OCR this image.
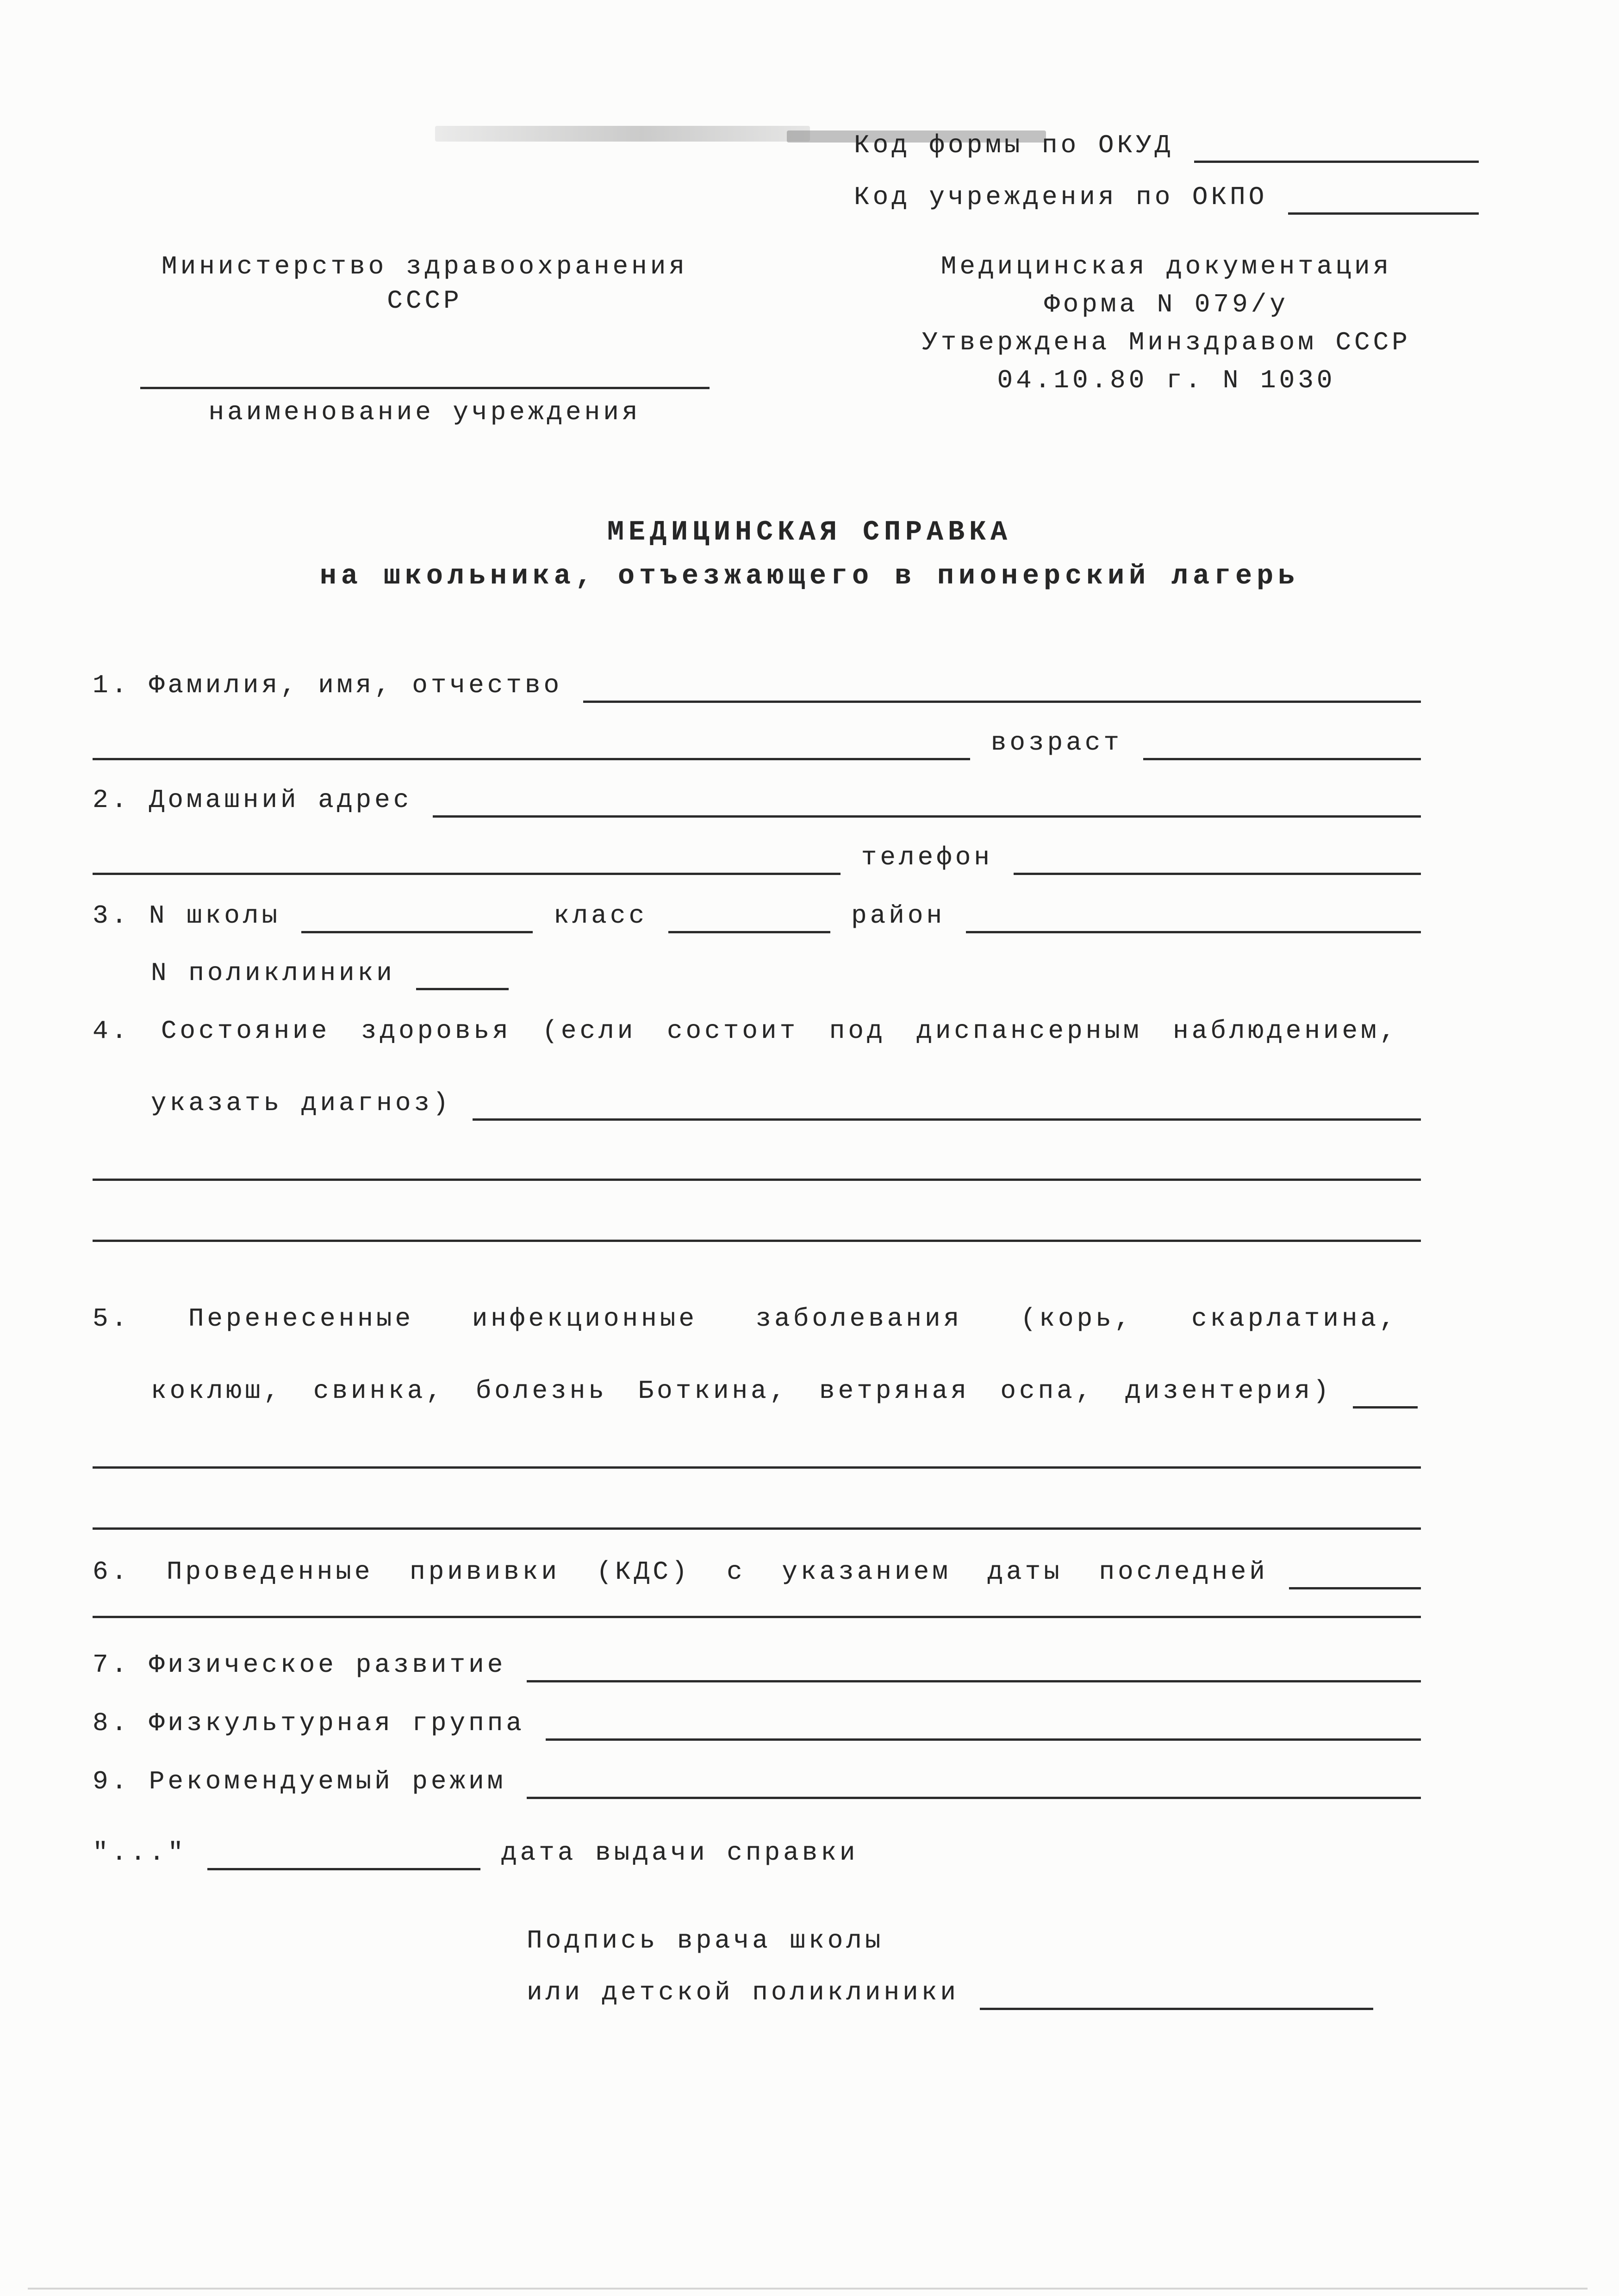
Код формы по ОКУД
Код учреждения по ОКПО
Министерство здравоохранения
СССР
наименование учреждения
Медицинская документация
Форма N 079/у
Утверждена Минздравом СССР
04.10.80 г. N 1030
МЕДИЦИНСКАЯ СПРАВКА
на школьника, отъезжающего в пионерский лагерь
1. Фамилия, имя, отчество
возраст
2. Домашний адрес
телефон
3. N школы	класс	район
N поликлиники
4. Состояние здоровья (если состоит под диспансерным наблюдением,
указать диагноз)
5. Перенесенные инфекционные заболевания (корь, скарлатина,
коклюш, свинка, болезнь Боткина, ветряная оспа, дизентерия)
6. Проведенные прививки (КДС) с указанием даты последней
7. Физическое развитие
8. Физкультурная группа
9. Рекомендуемый режим
"..."	дата выдачи справки
Подпись врача школы
или детской поликлиники
